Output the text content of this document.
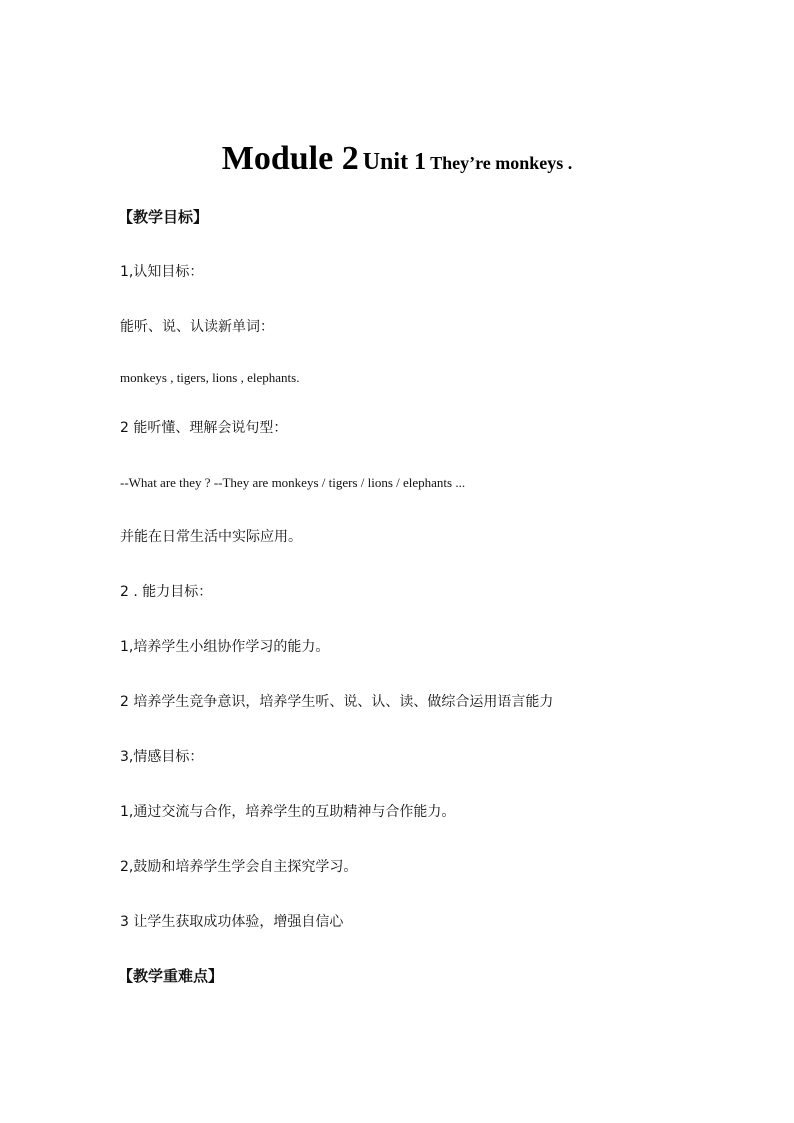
Module 2 Unit 1 They’re monkeys .
【教学目标】
1,认知目标：
能听、说、认读新单词：
monkeys , tigers, lions , elephants.
2 能听懂、理解会说句型：
--What are they ? --They are monkeys / tigers / lions / elephants ...
并能在日常生活中实际应用。
2 . 能力目标：
1,培养学生小组协作学习的能力。
2 培养学生竞争意识，培养学生听、说、认、读、做综合运用语言能力
3,情感目标：
1,通过交流与合作，培养学生的互助精神与合作能力。
2,鼓励和培养学生学会自主探究学习。
3 让学生获取成功体验，增强自信心
【教学重难点】
